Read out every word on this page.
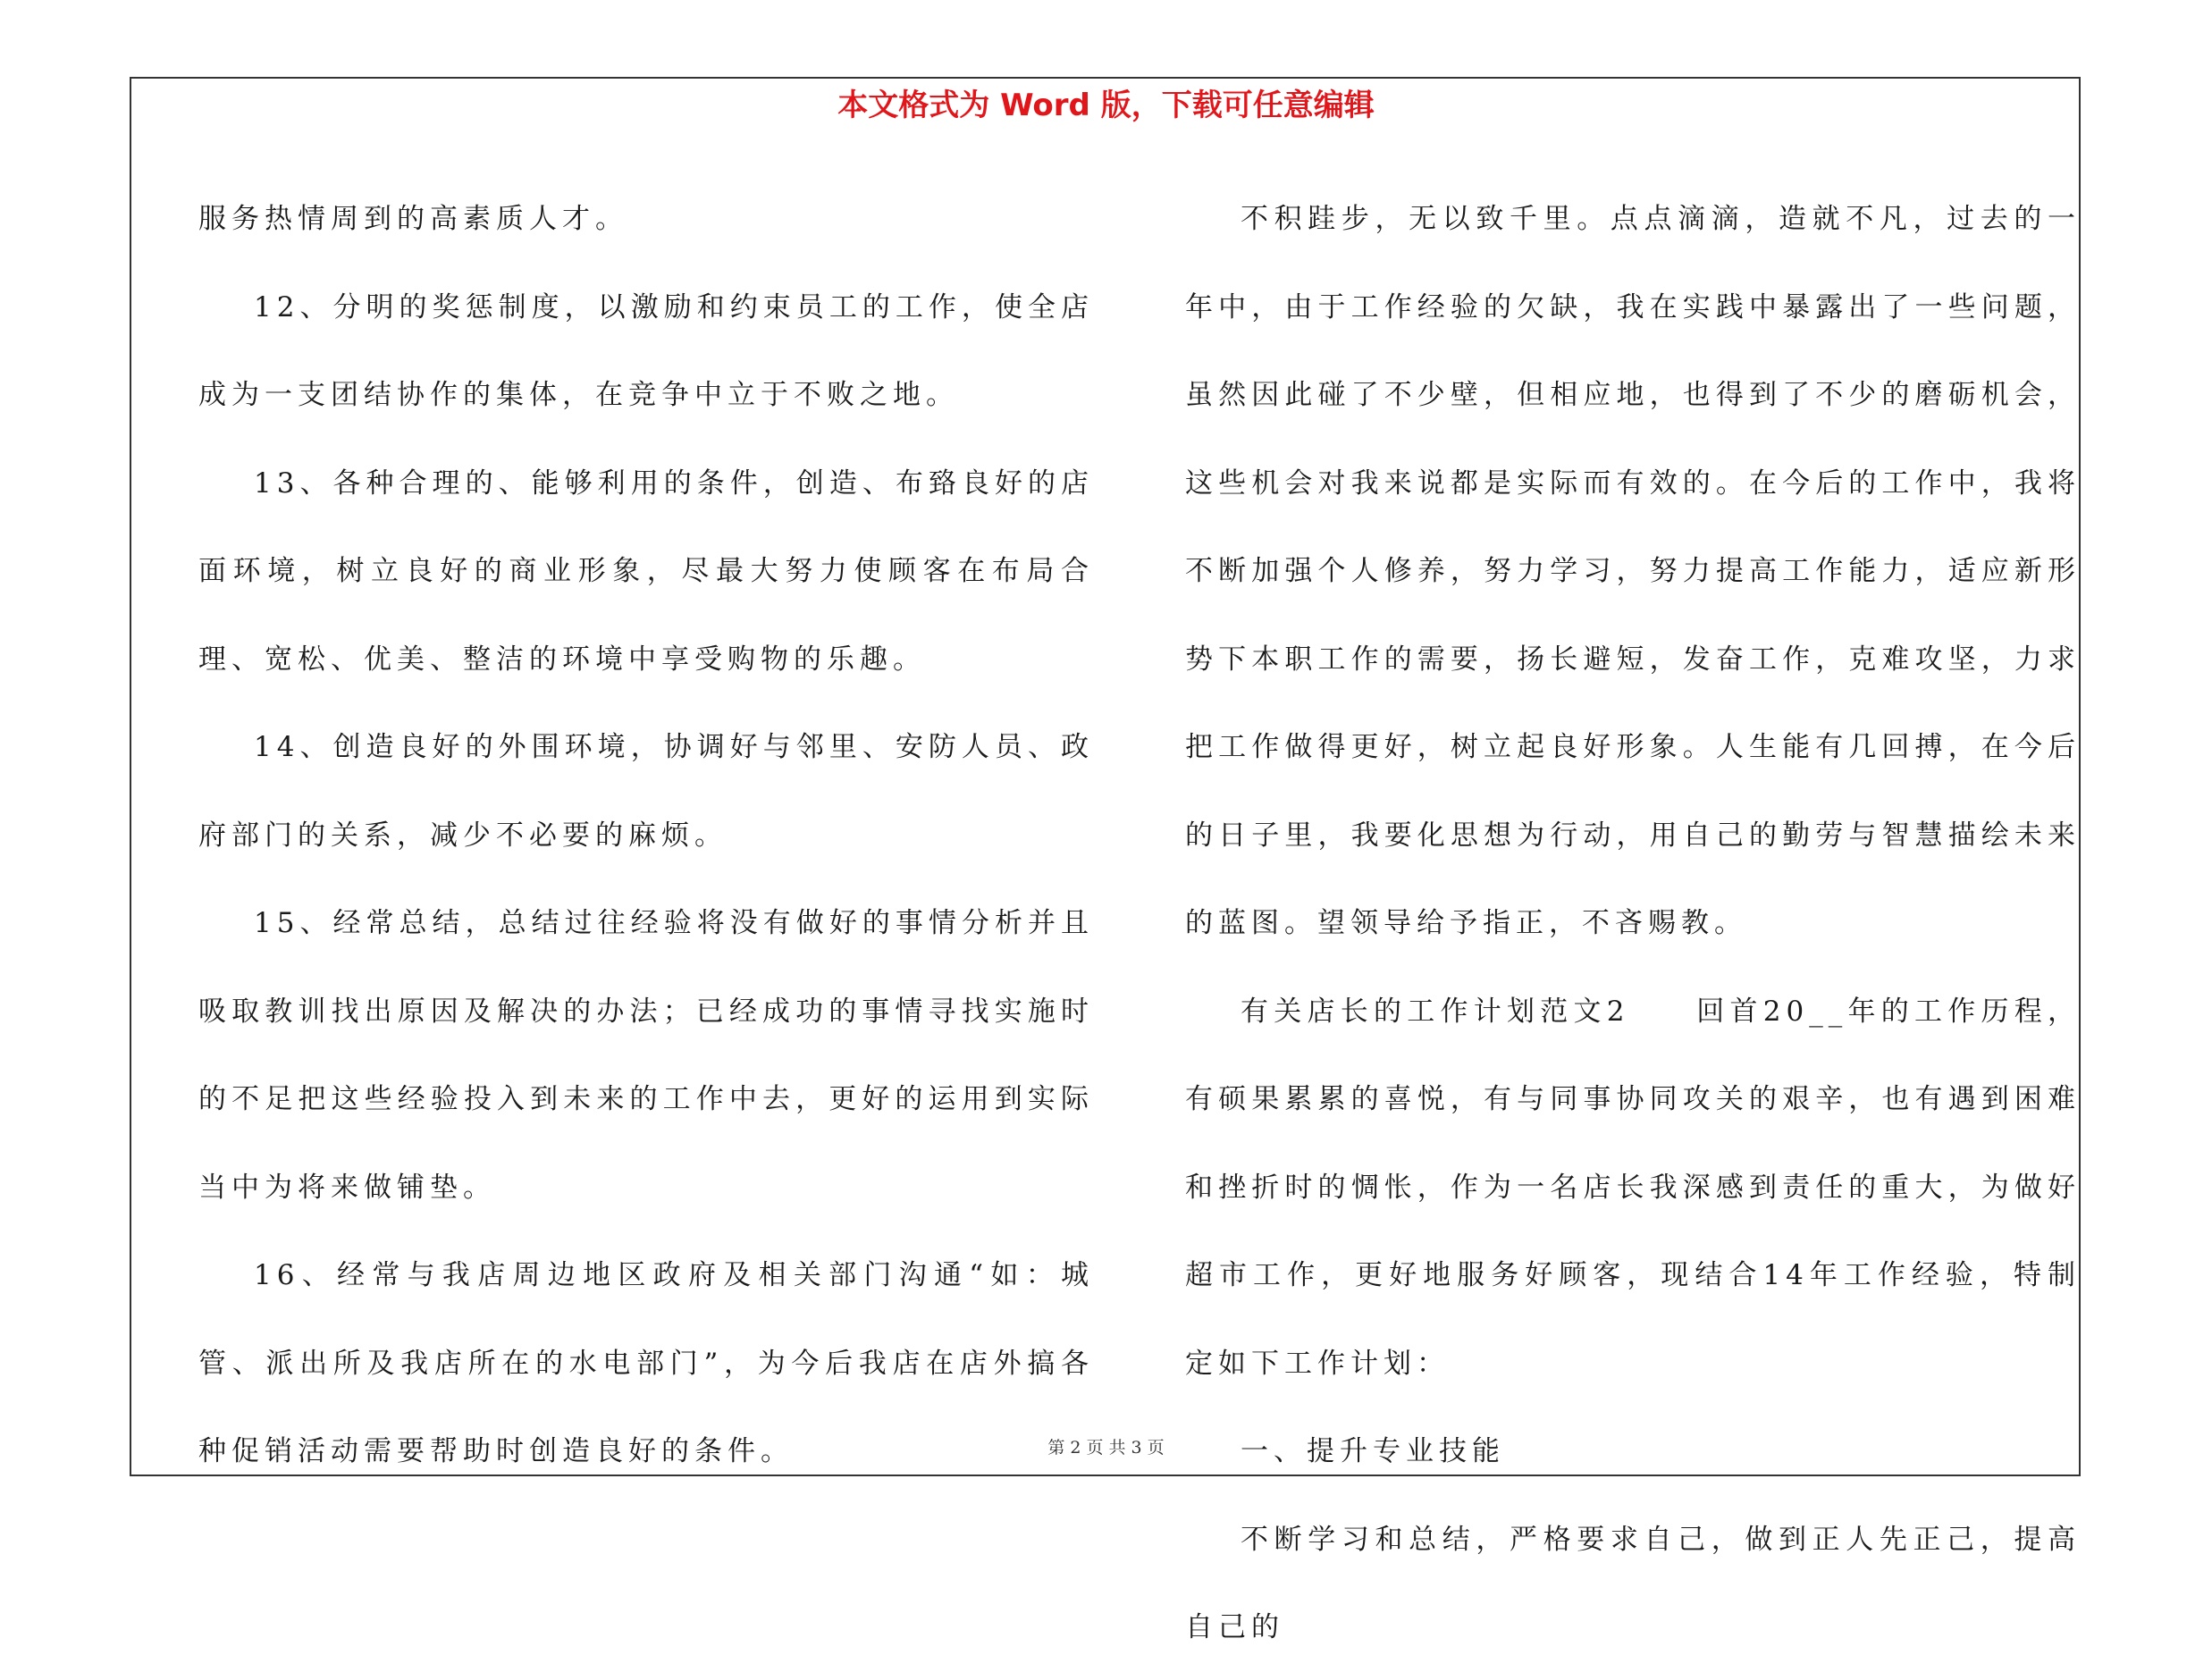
本文格式为 Word 版，下载可任意编辑

服务热情周到的高素质人才。

12、分明的奖惩制度，以激励和约束员工的工作，使全店成为一支团结协作的集体，在竞争中立于不败之地。

13、各种合理的、能够利用的条件，创造、布臵良好的店面环境，树立良好的商业形象，尽最大努力使顾客在布局合理、宽松、优美、整洁的环境中享受购物的乐趣。

14、创造良好的外围环境，协调好与邻里、安防人员、政府部门的关系，减少不必要的麻烦。

15、经常总结，总结过往经验将没有做好的事情分析并且吸取教训找出原因及解决的办法；已经成功的事情寻找实施时的不足把这些经验投入到未来的工作中去，更好的运用到实际当中为将来做铺垫。

16、经常与我店周边地区政府及相关部门沟通“如：城管、派出所及我店所在的水电部门”，为今后我店在店外搞各种促销活动需要帮助时创造良好的条件。

不积跬步，无以致千里。点点滴滴，造就不凡，过去的一年中，由于工作经验的欠缺，我在实践中暴露出了一些问题，虽然因此碰了不少壁，但相应地，也得到了不少的磨砺机会，这些机会对我来说都是实际而有效的。在今后的工作中，我将不断加强个人修养，努力学习，努力提高工作能力，适应新形势下本职工作的需要，扬长避短，发奋工作，克难攻坚，力求把工作做得更好，树立起良好形象。人生能有几回搏，在今后的日子里，我要化思想为行动，用自己的勤劳与智慧描绘未来的蓝图。望领导给予指正，不吝赐教。

有关店长的工作计划范文2　　回首20__年的工作历程，有硕果累累的喜悦，有与同事协同攻关的艰辛，也有遇到困难和挫折时的惆怅，作为一名店长我深感到责任的重大，为做好超市工作，更好地服务好顾客，现结合14年工作经验，特制定如下工作计划：

一、提升专业技能

不断学习和总结，严格要求自己，做到正人先正己，提高自己的

第 2 页 共 3 页
